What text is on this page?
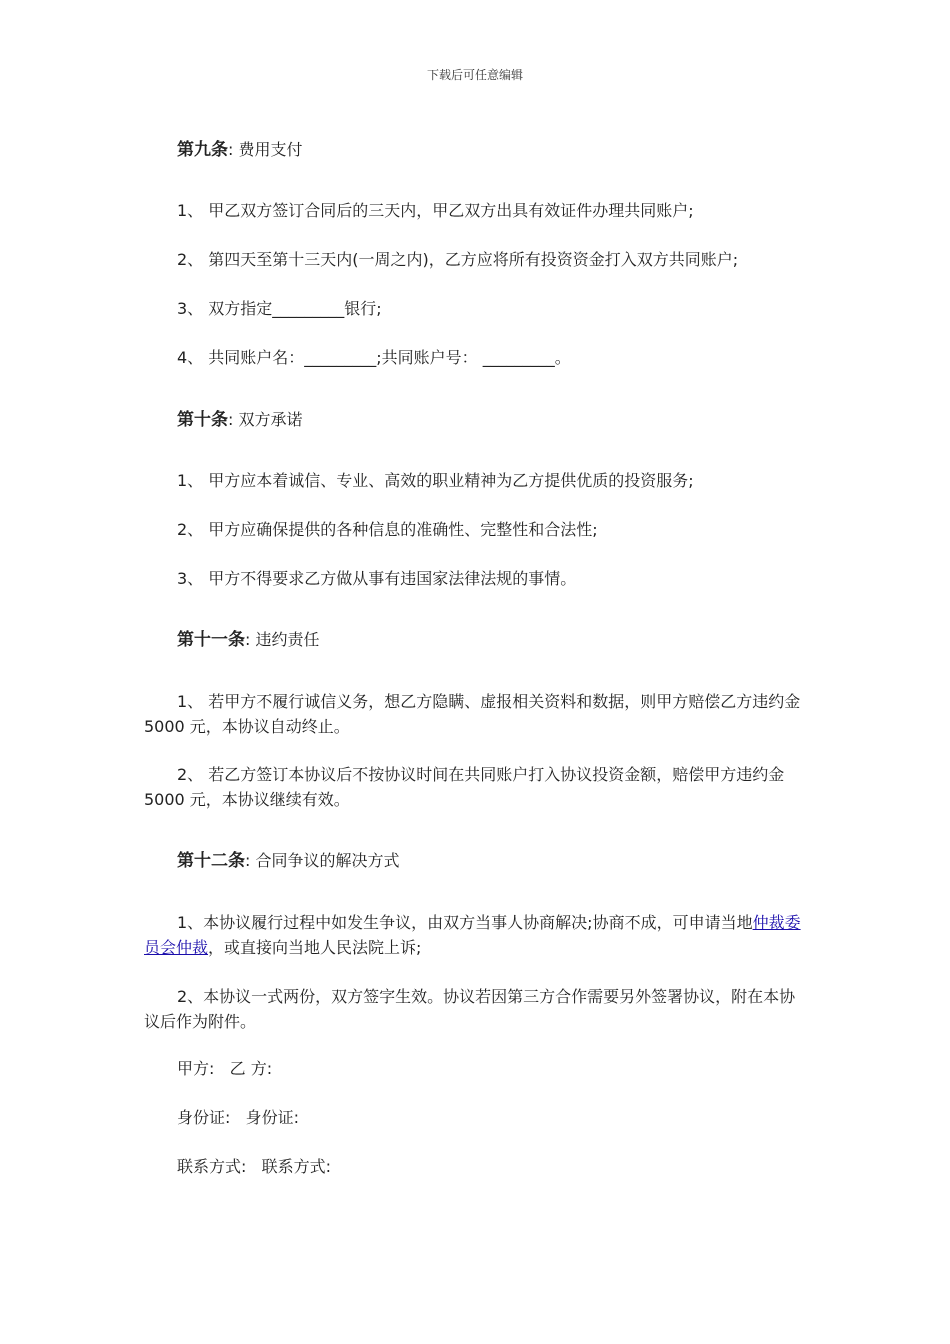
下载后可任意编辑
第九条: 费用支付
1、 甲乙双方签订合同后的三天内，甲乙双方出具有效证件办理共同账户;
2、 第四天至第十三天内(一周之内)，乙方应将所有投资资金打入双方共同账户;
3、 双方指定_________银行;
4、 共同账户名：_________;共同账户号： _________。
第十条: 双方承诺
1、 甲方应本着诚信、专业、高效的职业精神为乙方提供优质的投资服务;
2、 甲方应确保提供的各种信息的准确性、完整性和合法性;
3、 甲方不得要求乙方做从事有违国家法律法规的事情。
第十一条: 违约责任
1、 若甲方不履行诚信义务，想乙方隐瞒、虚报相关资料和数据，则甲方赔偿乙方违约金 5000 元，本协议自动终止。
2、 若乙方签订本协议后不按协议时间在共同账户打入协议投资金额，赔偿甲方违约金 5000 元，本协议继续有效。
第十二条: 合同争议的解决方式
1、本协议履行过程中如发生争议，由双方当事人协商解决;协商不成，可申请当地仲裁委员会仲裁，或直接向当地人民法院上诉;
2、本协议一式两份，双方签字生效。协议若因第三方合作需要另外签署协议，附在本协议后作为附件。
甲方:   乙 方:
身份证:   身份证:
联系方式:   联系方式:
